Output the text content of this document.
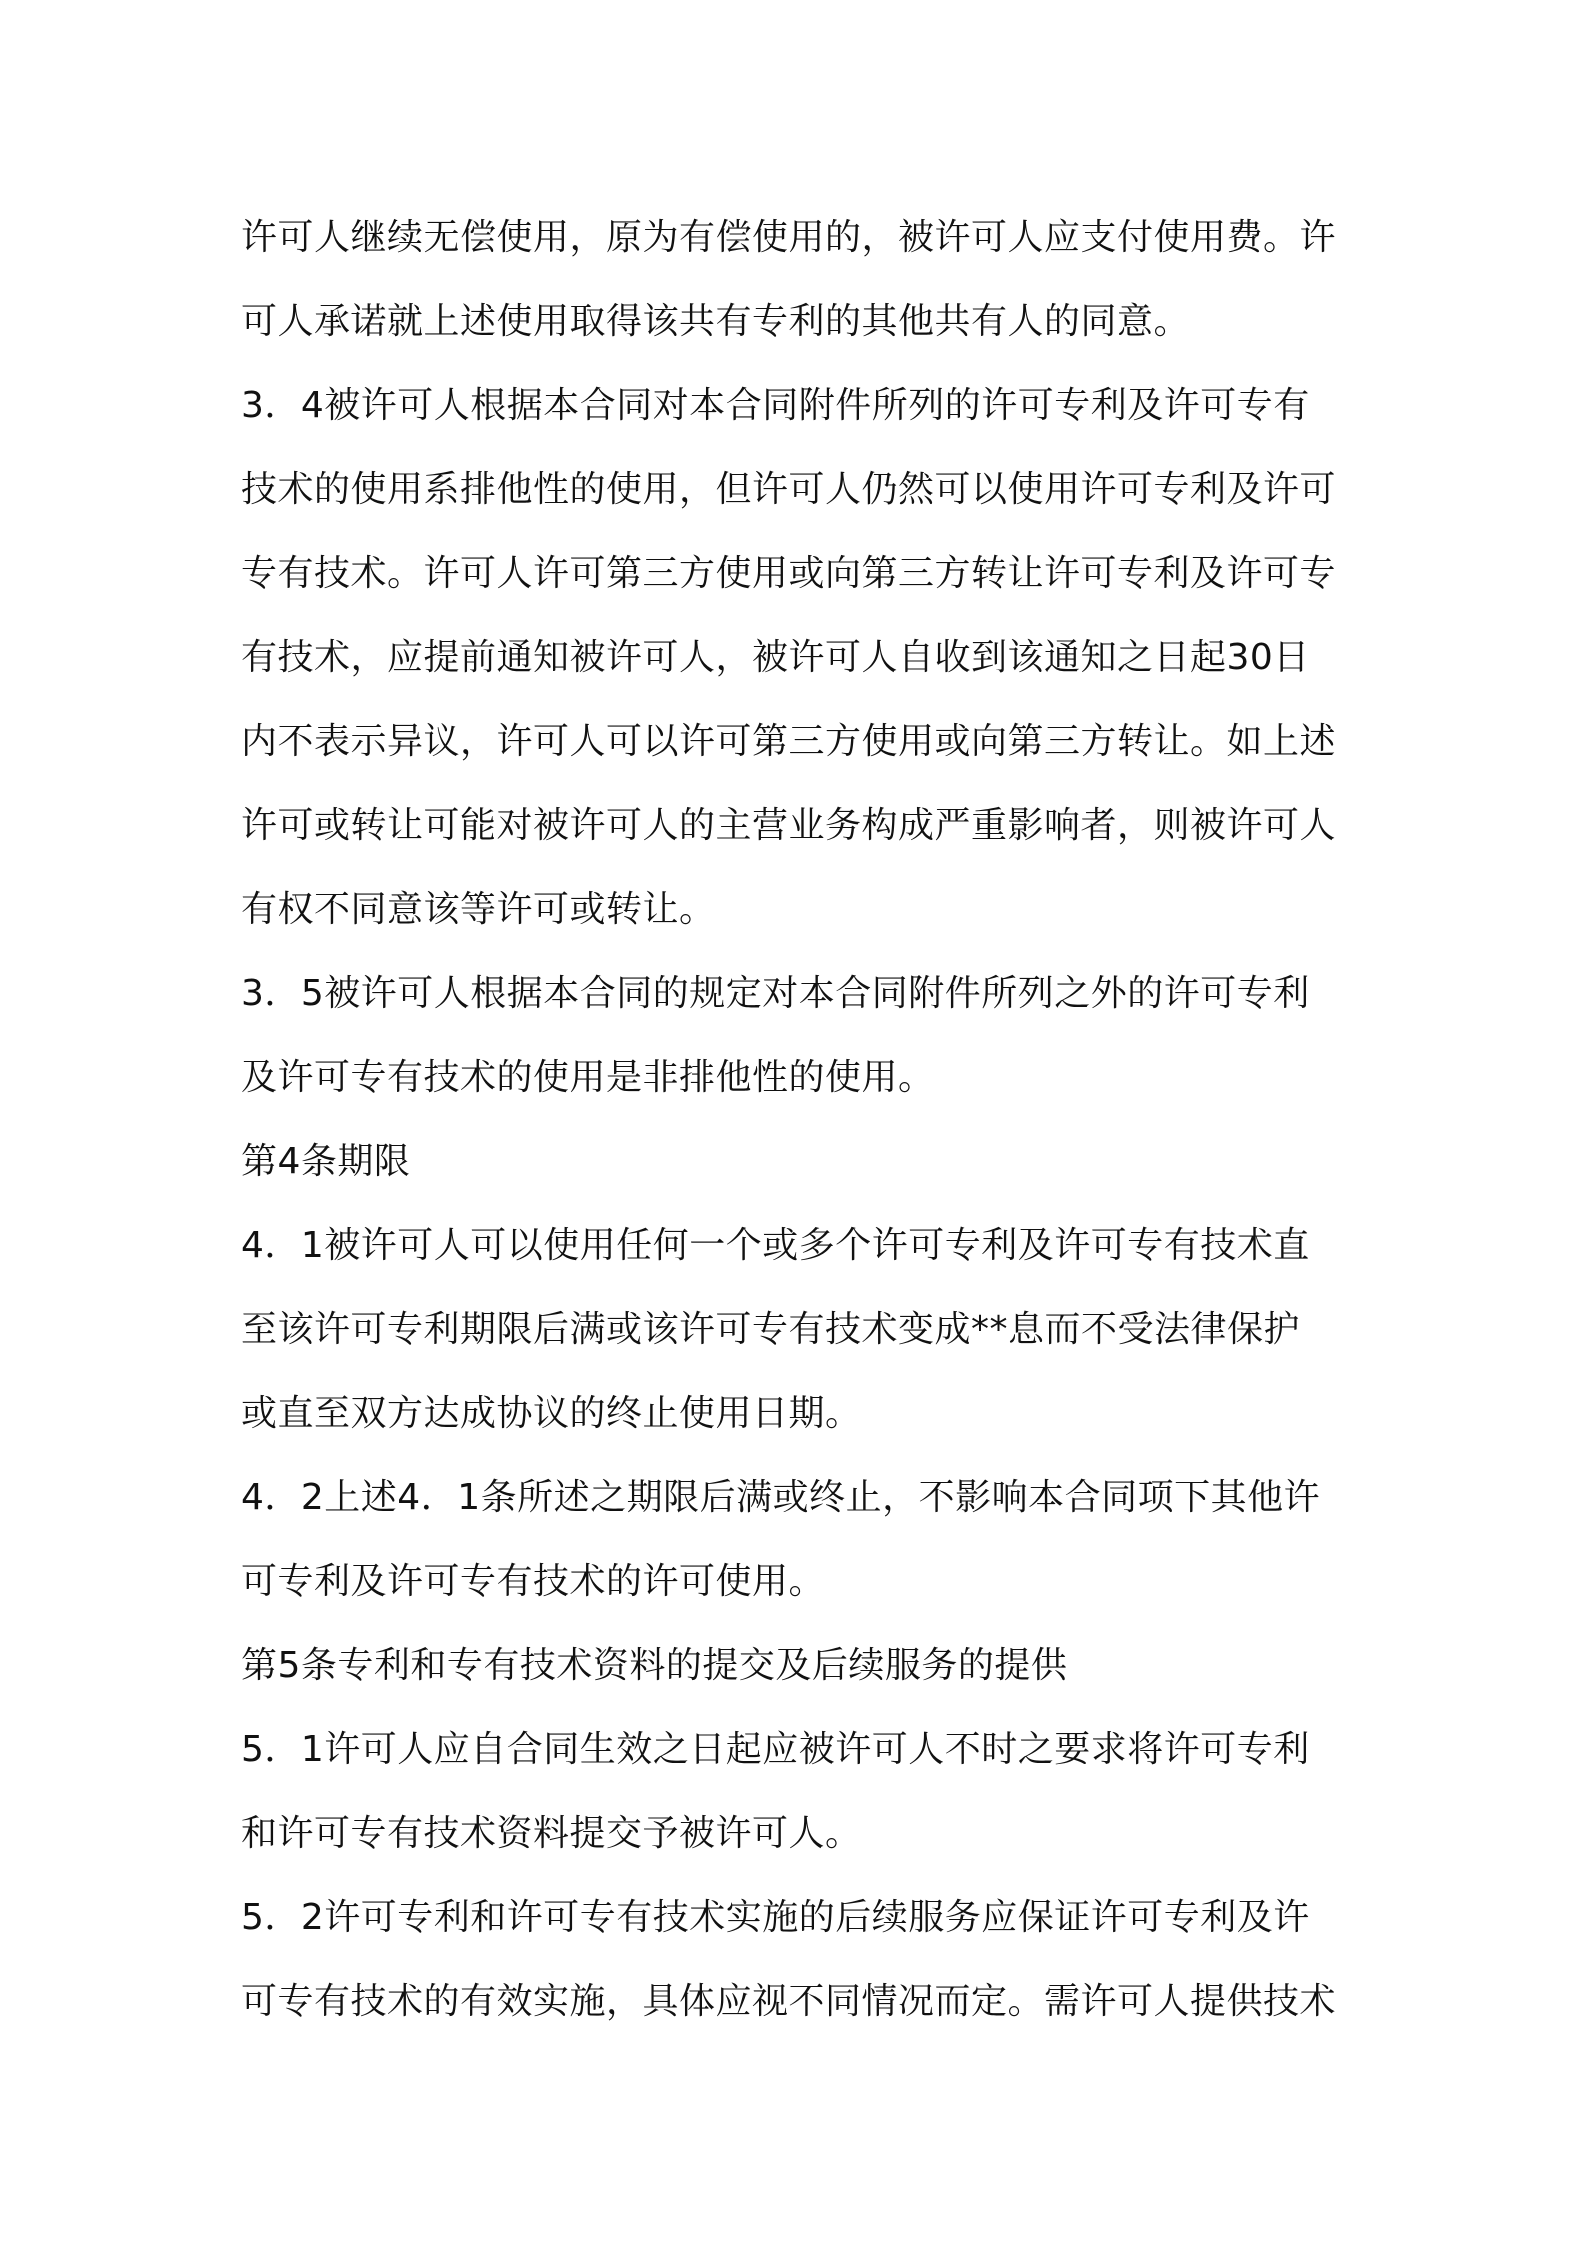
许可人继续无偿使用，原为有偿使用的，被许可人应支付使用费。许
可人承诺就上述使用取得该共有专利的其他共有人的同意。
3．4被许可人根据本合同对本合同附件所列的许可专利及许可专有
技术的使用系排他性的使用，但许可人仍然可以使用许可专利及许可
专有技术。许可人许可第三方使用或向第三方转让许可专利及许可专
有技术，应提前通知被许可人，被许可人自收到该通知之日起30日
内不表示异议，许可人可以许可第三方使用或向第三方转让。如上述
许可或转让可能对被许可人的主营业务构成严重影响者，则被许可人
有权不同意该等许可或转让。
3．5被许可人根据本合同的规定对本合同附件所列之外的许可专利
及许可专有技术的使用是非排他性的使用。
第4条期限
4．1被许可人可以使用任何一个或多个许可专利及许可专有技术直
至该许可专利期限后满或该许可专有技术变成**息而不受法律保护
或直至双方达成协议的终止使用日期。
4．2上述4．1条所述之期限后满或终止，不影响本合同项下其他许
可专利及许可专有技术的许可使用。
第5条专利和专有技术资料的提交及后续服务的提供
5．1许可人应自合同生效之日起应被许可人不时之要求将许可专利
和许可专有技术资料提交予被许可人。
5．2许可专利和许可专有技术实施的后续服务应保证许可专利及许
可专有技术的有效实施，具体应视不同情况而定。需许可人提供技术
